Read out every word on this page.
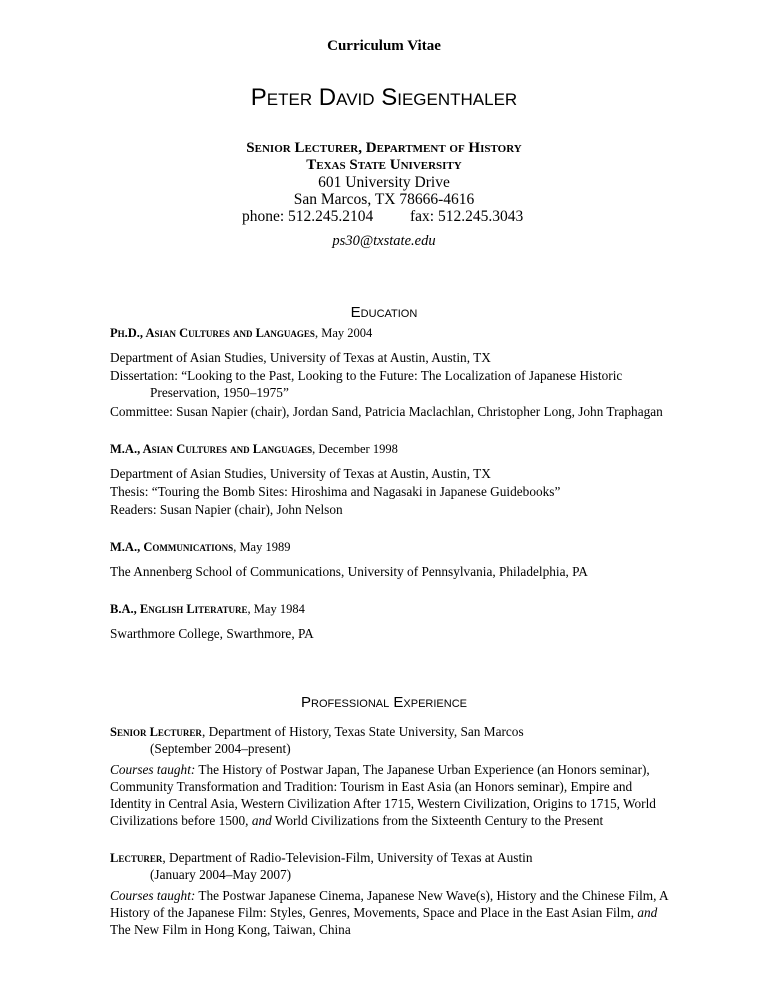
Curriculum Vitae
Peter David Siegenthaler
Senior Lecturer, Department of History
Texas State University
601 University Drive
San Marcos, TX 78666-4616
phone: 512.245.2104 fax: 512.245.3043
ps30@txstate.edu
Education
Ph.D., Asian Cultures and Languages, May 2004
Department of Asian Studies, University of Texas at Austin, Austin, TX
Dissertation: “Looking to the Past, Looking to the Future: The Localization of Japanese Historic
Preservation, 1950–1975”
Committee: Susan Napier (chair), Jordan Sand, Patricia Maclachlan, Christopher Long, John Traphagan
M.A., Asian Cultures and Languages, December 1998
Department of Asian Studies, University of Texas at Austin, Austin, TX
Thesis: “Touring the Bomb Sites: Hiroshima and Nagasaki in Japanese Guidebooks”
Readers: Susan Napier (chair), John Nelson
M.A., Communications, May 1989
The Annenberg School of Communications, University of Pennsylvania, Philadelphia, PA
B.A., English Literature, May 1984
Swarthmore College, Swarthmore, PA
Professional Experience
Senior Lecturer, Department of History, Texas State University, San Marcos
(September 2004–present)
Courses taught: The History of Postwar Japan, The Japanese Urban Experience (an Honors seminar), Community Transformation and Tradition: Tourism in East Asia (an Honors seminar), Empire and Identity in Central Asia, Western Civilization After 1715, Western Civilization, Origins to 1715, World Civilizations before 1500, and World Civilizations from the Sixteenth Century to the Present
Lecturer, Department of Radio-Television-Film, University of Texas at Austin
(January 2004–May 2007)
Courses taught: The Postwar Japanese Cinema, Japanese New Wave(s), History and the Chinese Film, A History of the Japanese Film: Styles, Genres, Movements, Space and Place in the East Asian Film, and The New Film in Hong Kong, Taiwan, China
